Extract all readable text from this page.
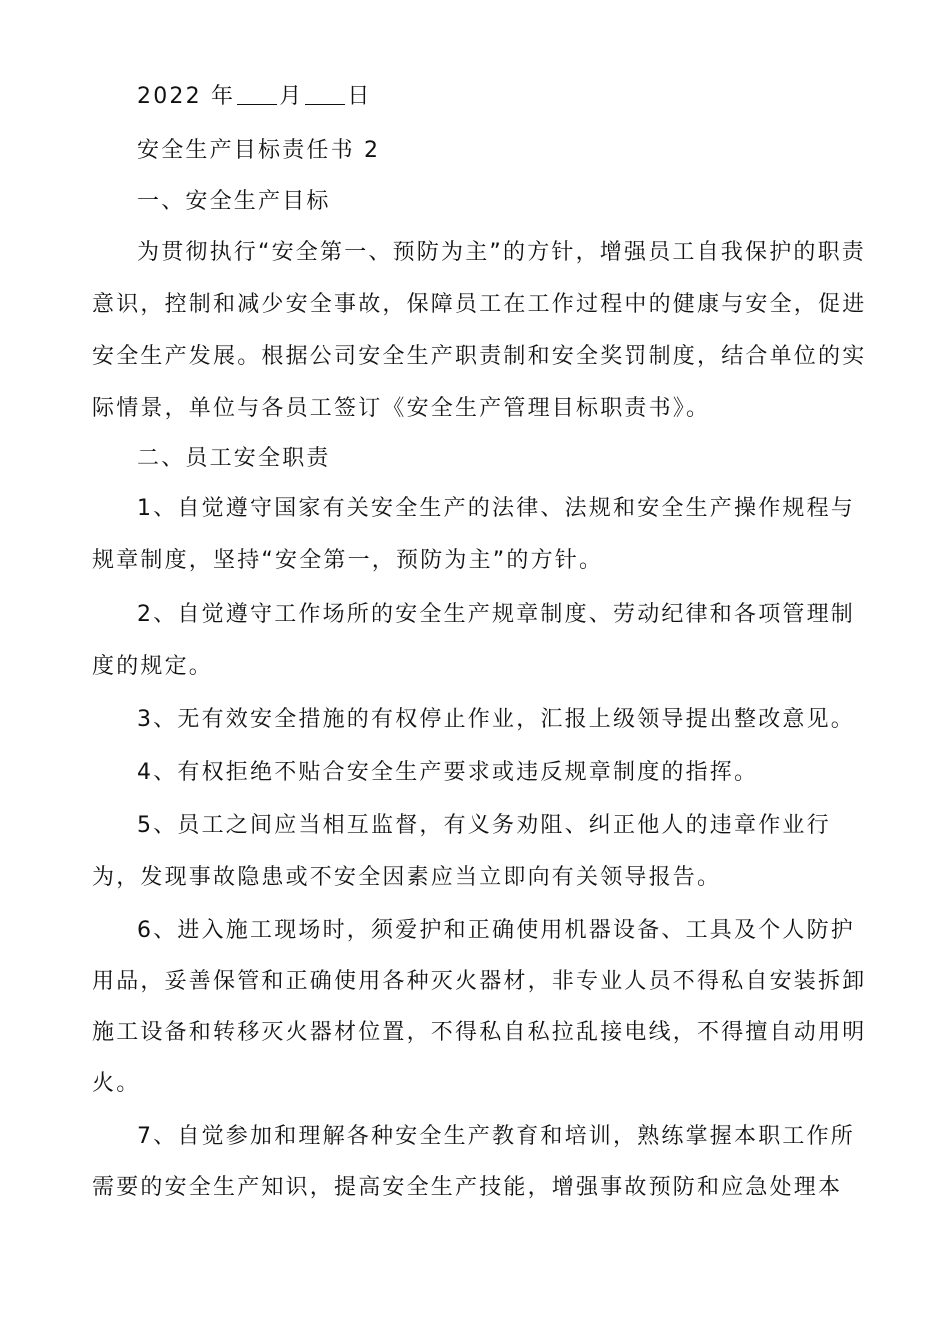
2022 年 月 日
安全生产目标责任书 2
一、安全生产目标
为贯彻执行“安全第一、预防为主”的方针，增强员工自我保护的职责
意识，控制和减少安全事故，保障员工在工作过程中的健康与安全，促进
安全生产发展。根据公司安全生产职责制和安全奖罚制度，结合单位的实
际情景，单位与各员工签订《安全生产管理目标职责书》。
二、员工安全职责
1、自觉遵守国家有关安全生产的法律、法规和安全生产操作规程与
规章制度，坚持“安全第一，预防为主”的方针。
2、自觉遵守工作场所的安全生产规章制度、劳动纪律和各项管理制
度的规定。
3、无有效安全措施的有权停止作业，汇报上级领导提出整改意见。
4、有权拒绝不贴合安全生产要求或违反规章制度的指挥。
5、员工之间应当相互监督，有义务劝阻、纠正他人的违章作业行
为，发现事故隐患或不安全因素应当立即向有关领导报告。
6、进入施工现场时，须爱护和正确使用机器设备、工具及个人防护
用品，妥善保管和正确使用各种灭火器材，非专业人员不得私自安装拆卸
施工设备和转移灭火器材位置，不得私自私拉乱接电线，不得擅自动用明
火。
7、自觉参加和理解各种安全生产教育和培训，熟练掌握本职工作所
需要的安全生产知识，提高安全生产技能，增强事故预防和应急处理本
